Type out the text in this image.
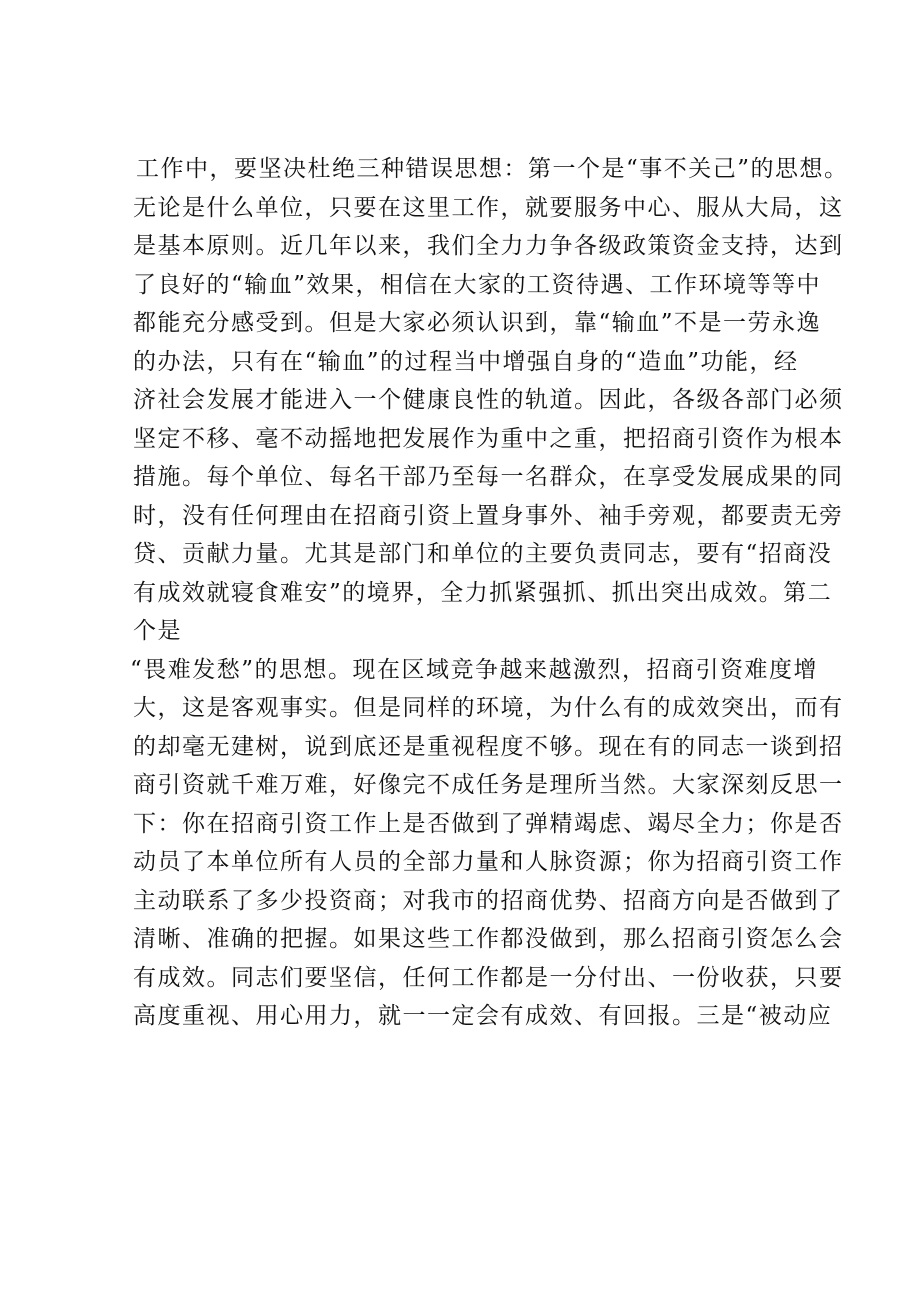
工作中，要坚决杜绝三种错误思想：第一个是“事不关己”的思想。
无论是什么单位，只要在这里工作，就要服务中心、服从大局，这
是基本原则。近几年以来，我们全力力争各级政策资金支持，达到
了良好的“输血”效果，相信在大家的工资待遇、工作环境等等中
都能充分感受到。但是大家必须认识到，靠“输血”不是一劳永逸
的办法，只有在“输血”的过程当中增强自身的“造血”功能，经
济社会发展才能进入一个健康良性的轨道。因此，各级各部门必须
坚定不移、毫不动摇地把发展作为重中之重，把招商引资作为根本
措施。每个单位、每名干部乃至每一名群众，在享受发展成果的同
时，没有任何理由在招商引资上置身事外、袖手旁观，都要责无旁
贷、贡献力量。尤其是部门和单位的主要负责同志，要有“招商没
有成效就寝食难安”的境界，全力抓紧强抓、抓出突出成效。第二
个是
“畏难发愁”的思想。现在区域竞争越来越激烈，招商引资难度增
大，这是客观事实。但是同样的环境，为什么有的成效突出，而有
的却毫无建树，说到底还是重视程度不够。现在有的同志一谈到招
商引资就千难万难，好像完不成任务是理所当然。大家深刻反思一
下：你在招商引资工作上是否做到了弹精竭虑、竭尽全力；你是否
动员了本单位所有人员的全部力量和人脉资源；你为招商引资工作
主动联系了多少投资商；对我市的招商优势、招商方向是否做到了
清晰、准确的把握。如果这些工作都没做到，那么招商引资怎么会
有成效。同志们要坚信，任何工作都是一分付出、一份收获，只要
高度重视、用心用力，就一一定会有成效、有回报。三是“被动应
